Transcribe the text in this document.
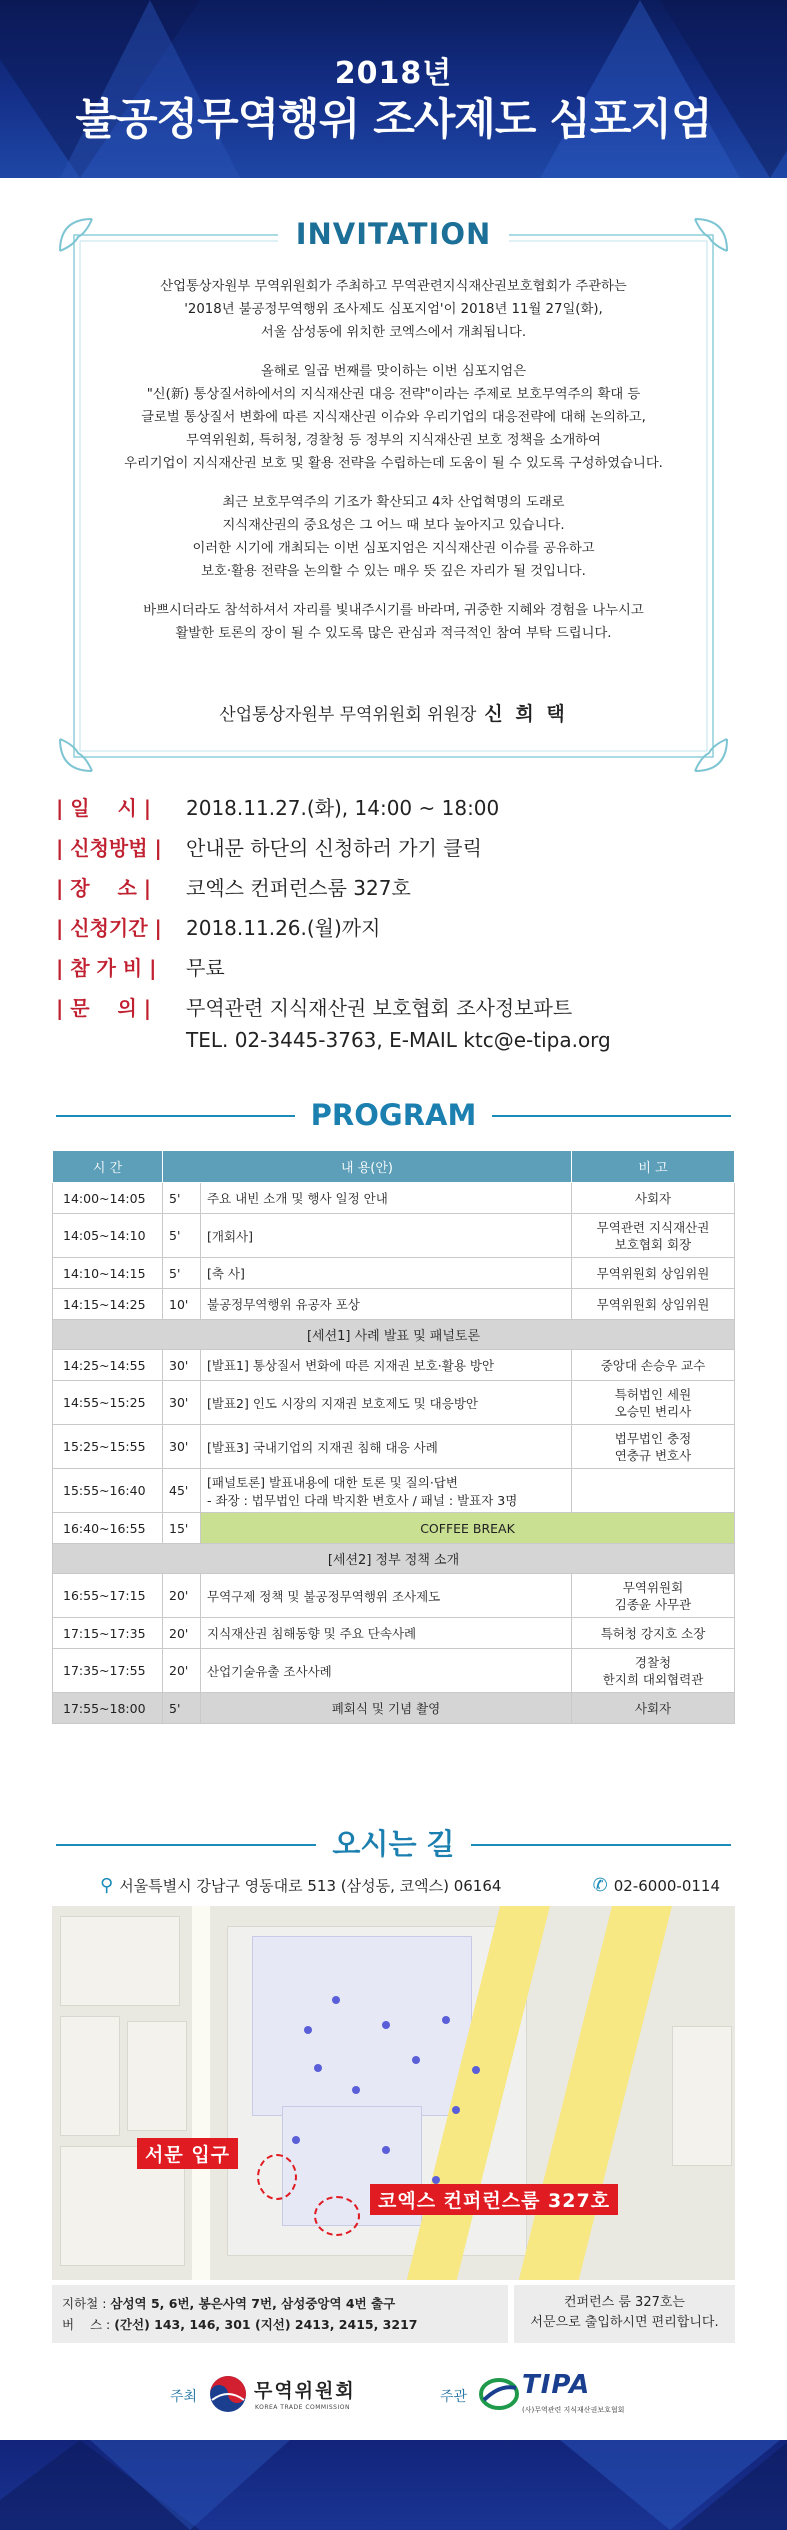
2018년
불공정무역행위 조사제도 심포지엄
INVITATION
산업통상자원부 무역위원회가 주최하고 무역관련지식재산권보호협회가 주관하는
'2018년 불공정무역행위 조사제도 심포지엄'이 2018년 11월 27일(화),
서울 삼성동에 위치한 코엑스에서 개최됩니다.
올해로 일곱 번째를 맞이하는 이번 심포지엄은
"신(新) 통상질서하에서의 지식재산권 대응 전략"이라는 주제로 보호무역주의 확대 등
글로벌 통상질서 변화에 따른 지식재산권 이슈와 우리기업의 대응전략에 대해 논의하고,
무역위원회, 특허청, 경찰청 등 정부의 지식재산권 보호 정책을 소개하여
우리기업이 지식재산권 보호 및 활용 전략을 수립하는데 도움이 될 수 있도록 구성하였습니다.
최근 보호무역주의 기조가 확산되고 4차 산업혁명의 도래로
지식재산권의 중요성은 그 어느 때 보다 높아지고 있습니다.
이러한 시기에 개최되는 이번 심포지엄은 지식재산권 이슈를 공유하고
보호·활용 전략을 논의할 수 있는 매우 뜻 깊은 자리가 될 것입니다.
바쁘시더라도 참석하셔서 자리를 빛내주시기를 바라며, 귀중한 지혜와 경험을 나누시고
활발한 토론의 장이 될 수 있도록 많은 관심과 적극적인 참여 부탁 드립니다.
산업통상자원부 무역위원회 위원장 신 희 택
| 일    시 |	2018.11.27.(화), 14:00 ~ 18:00
| 신청방법 |	안내문 하단의 신청하러 가기 클릭
| 장    소 |	코엑스 컨퍼런스룸 327호
| 신청기간 |	2018.11.26.(월)까지
| 참 가 비 |	무료
| 문    의 |	무역관련 지식재산권 보호협회 조사정보파트
TEL. 02-3445-3763, E-MAIL ktc@e-tipa.org
PROGRAM
시 간	내 용(안)		비 고
14:00~14:05	5'	주요 내빈 소개 및 행사 일정 안내	사회자
14:05~14:10	5'	[개회사]	무역관련 지식재산권
보호협회 회장
14:10~14:15	5'	[축 사]	무역위원회 상임위원
14:15~14:25	10'	불공정무역행위 유공자 포상	무역위원회 상임위원
[세션1] 사례 발표 및 패널토론			
14:25~14:55	30'	[발표1] 통상질서 변화에 따른 지재권 보호·활용 방안	중앙대 손승우 교수
14:55~15:25	30'	[발표2] 인도 시장의 지재권 보호제도 및 대응방안	특허법인 세원
오승민 변리사
15:25~15:55	30'	[발표3] 국내기업의 지재권 침해 대응 사례	법무법인 충정
연충규 변호사
15:55~16:40	45'	[패널토론] 발표내용에 대한 토론 및 질의·답변
- 좌장 : 법무법인 다래 박지환 변호사 / 패널 : 발표자 3명	
16:40~16:55	15'	COFFEE BREAK	
[세션2] 정부 정책 소개			
16:55~17:15	20'	무역구제 정책 및 불공정무역행위 조사제도	무역위원회
김종윤 사무관
17:15~17:35	20'	지식재산권 침해동향 및 주요 단속사례	특허청 강지호 소장
17:35~17:55	20'	산업기술유출 조사사례	경찰청
한지희 대외협력관
17:55~18:00	5'	폐회식 및 기념 촬영	사회자
오시는 길
⚲ 서울특별시 강남구 영동대로 513 (삼성동, 코엑스) 06164	✆ 02-6000-0114
서문 입구
코엑스 컨퍼런스룸 327호
지하철 : 삼성역 5, 6번, 봉은사역 7번, 삼성중앙역 4번 출구
버    스 : (간선) 143, 146, 301 (지선) 2413, 2415, 3217
컨퍼런스 룸 327호는
서문으로 출입하시면 편리합니다.
주최	무역위원회
KOREA TRADE COMMISSION
주관 TIPA
(사)무역관련 지식재산권보호협회
